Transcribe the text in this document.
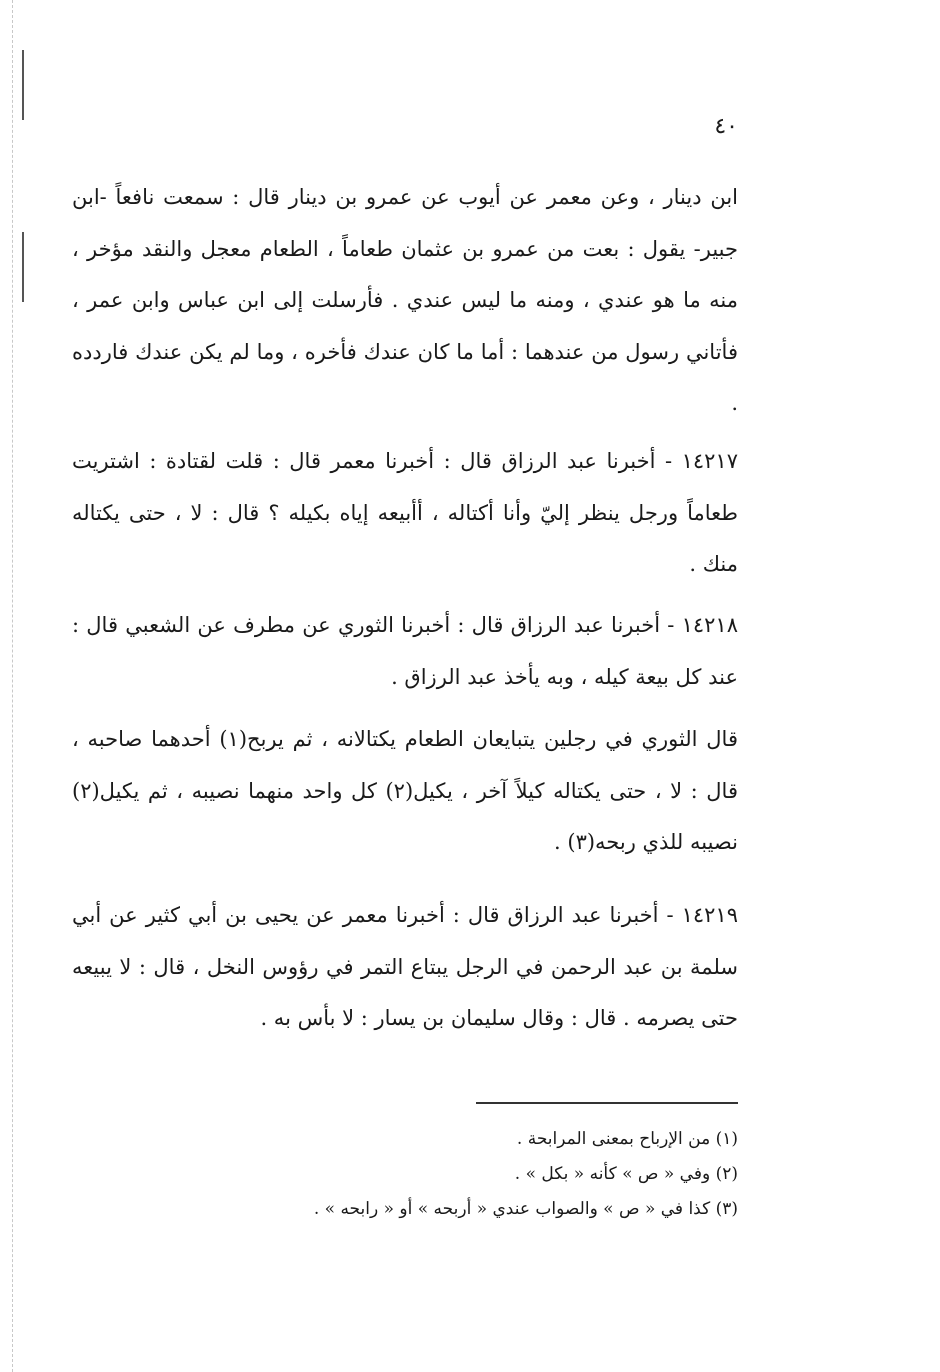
٤٠

ابن دينار ، وعن معمر عن أيوب عن عمرو بن دينار قال : سمعت نافعاً -ابن جبير- يقول : بعت من عمرو بن عثمان طعاماً ، الطعام معجل والنقد مؤخر ، منه ما هو عندي ، ومنه ما ليس عندي . فأرسلت إلى ابن عباس وابن عمر ، فأتاني رسول من عندهما : أما ما كان عندك فأخره ، وما لم يكن عندك فاردده .

١٤٢١٧ - أخبرنا عبد الرزاق قال : أخبرنا معمر قال : قلت لقتادة : اشتريت طعاماً ورجل ينظر إليّ وأنا أكتاله ، أأبيعه إياه بكيله ؟ قال : لا ، حتى يكتاله منك .

١٤٢١٨ - أخبرنا عبد الرزاق قال : أخبرنا الثوري عن مطرف عن الشعبي قال : عند كل بيعة كيله ، وبه يأخذ عبد الرزاق .

قال الثوري في رجلين يتبايعان الطعام يكتالانه ، ثم يربح(١) أحدهما صاحبه ، قال : لا ، حتى يكتاله كيلاً آخر ، يكيل(٢) كل واحد منهما نصيبه ، ثم يكيل(٢) نصيبه للذي ربحه(٣) .

١٤٢١٩ - أخبرنا عبد الرزاق قال : أخبرنا معمر عن يحيى بن أبي كثير عن أبي سلمة بن عبد الرحمن في الرجل يبتاع التمر في رؤوس النخل ، قال : لا يبيعه حتى يصرمه . قال : وقال سليمان بن يسار : لا بأس به .

(١) من الإرباح بمعنى المرابحة .
(٢) وفي « ص » كأنه « بكل » .
(٣) كذا في « ص » والصواب عندي « أربحه » أو « رابحه » .
